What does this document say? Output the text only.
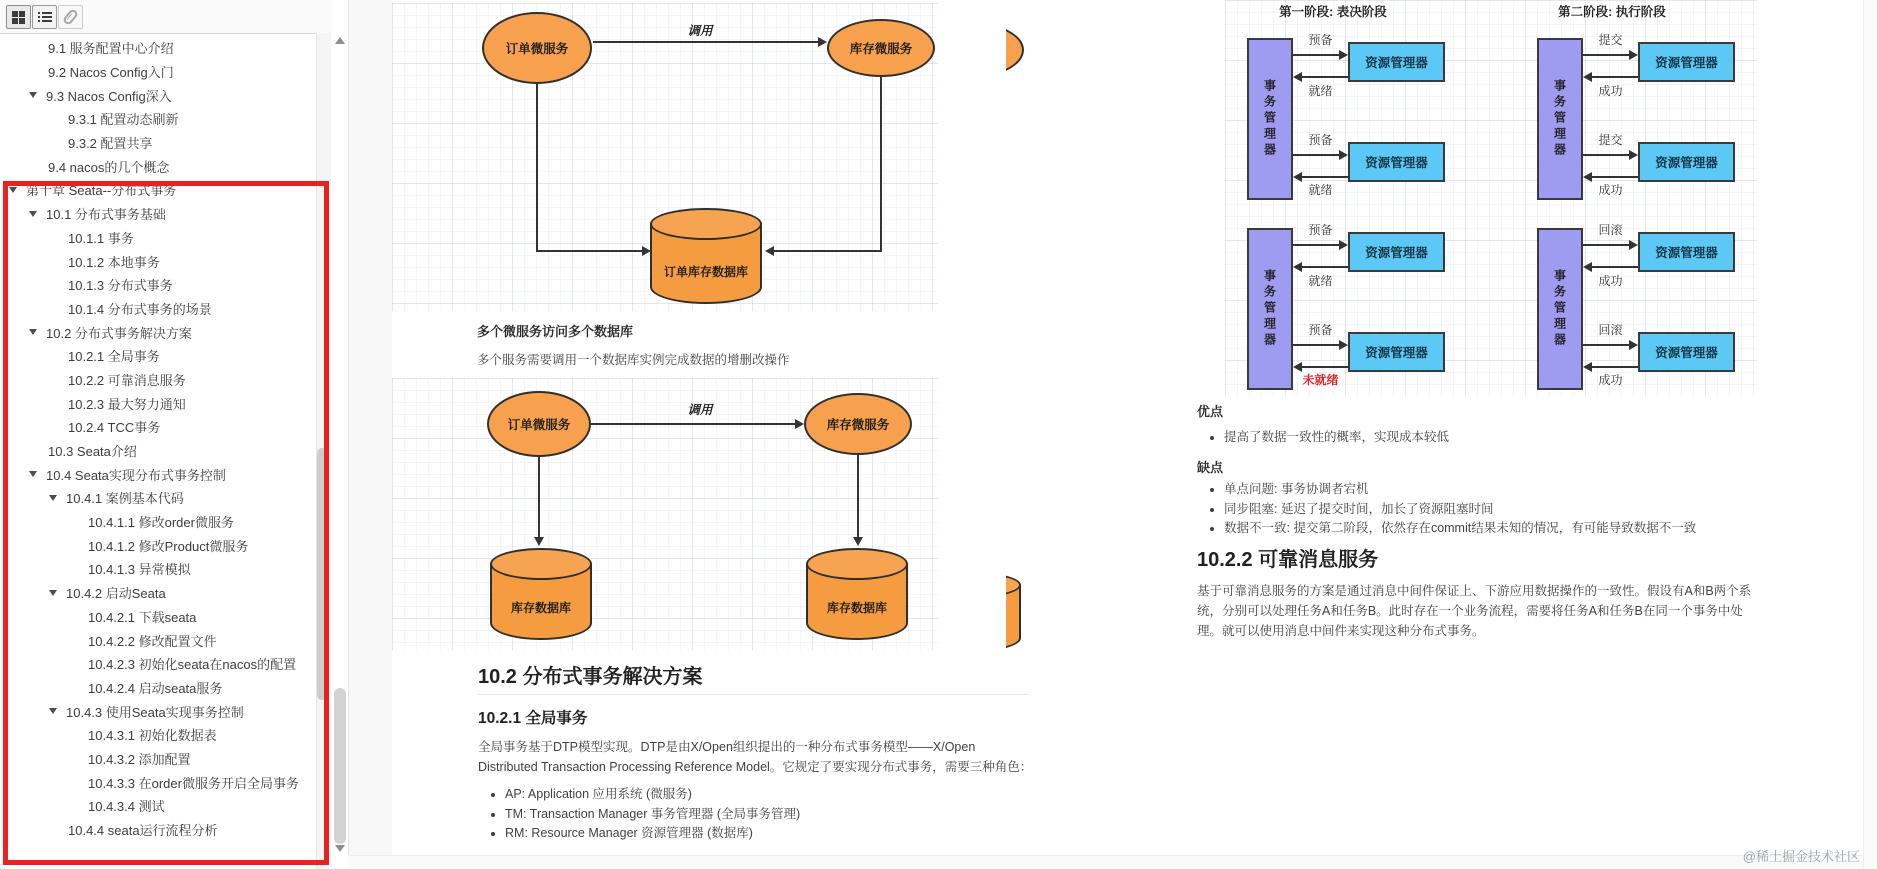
9.1 服务配置中心介绍
9.2 Nacos Config入门
9.3 Nacos Config深入
9.3.1 配置动态刷新
9.3.2 配置共享
9.4 nacos的几个概念
第十章 Seata--分布式事务
10.1 分布式事务基础
10.1.1 事务
10.1.2 本地事务
10.1.3 分布式事务
10.1.4 分布式事务的场景
10.2 分布式事务解决方案
10.2.1 全局事务
10.2.2 可靠消息服务
10.2.3 最大努力通知
10.2.4 TCC事务
10.3 Seata介绍
10.4 Seata实现分布式事务控制
10.4.1 案例基本代码
10.4.1.1 修改order微服务
10.4.1.2 修改Product微服务
10.4.1.3 异常模拟
10.4.2 启动Seata
10.4.2.1 下载seata
10.4.2.2 修改配置文件
10.4.2.3 初始化seata在nacos的配置
10.4.2.4 启动seata服务
10.4.3 使用Seata实现事务控制
10.4.3.1 初始化数据表
10.4.3.2 添加配置
10.4.3.3 在order微服务开启全局事务
10.4.3.4 测试
10.4.4 seata运行流程分析
订单微服务	库存微服务
调用
订单库存数据库
多个微服务访问多个数据库
多个服务需要调用一个数据库实例完成数据的增删改操作
订单微服务	库存微服务
调用
库存数据库	库存数据库
10.2 分布式事务解决方案
10.2.1 全局事务
全局事务基于DTP模型实现。DTP是由X/Open组织提出的一种分布式事务模型——X/Open Distributed Transaction Processing Reference Model。它规定了要实现分布式事务，需要三种角色：
• AP: Application 应用系统 (微服务)
• TM: Transaction Manager 事务管理器 (全局事务管理)
• RM: Resource Manager 资源管理器 (数据库)
第一阶段: 表决阶段	第二阶段: 执行阶段
事务管理器
资源管理器
资源管理器
预备
就绪
预备
就绪
事务管理器
资源管理器
资源管理器
提交
成功
提交
成功
事务管理器
资源管理器
资源管理器
预备
就绪
预备
未就绪
事务管理器
资源管理器
资源管理器
回滚
成功
回滚
成功
优点
• 提高了数据一致性的概率，实现成本较低
缺点
• 单点问题: 事务协调者宕机
• 同步阻塞: 延迟了提交时间，加长了资源阻塞时间
• 数据不一致: 提交第二阶段，依然存在commit结果未知的情况，有可能导致数据不一致
10.2.2 可靠消息服务
基于可靠消息服务的方案是通过消息中间件保证上、下游应用数据操作的一致性。假设有A和B两个系统，分别可以处理任务A和任务B。此时存在一个业务流程，需要将任务A和任务B在同一个事务中处理。就可以使用消息中间件来实现这种分布式事务。
@稀土掘金技术社区
